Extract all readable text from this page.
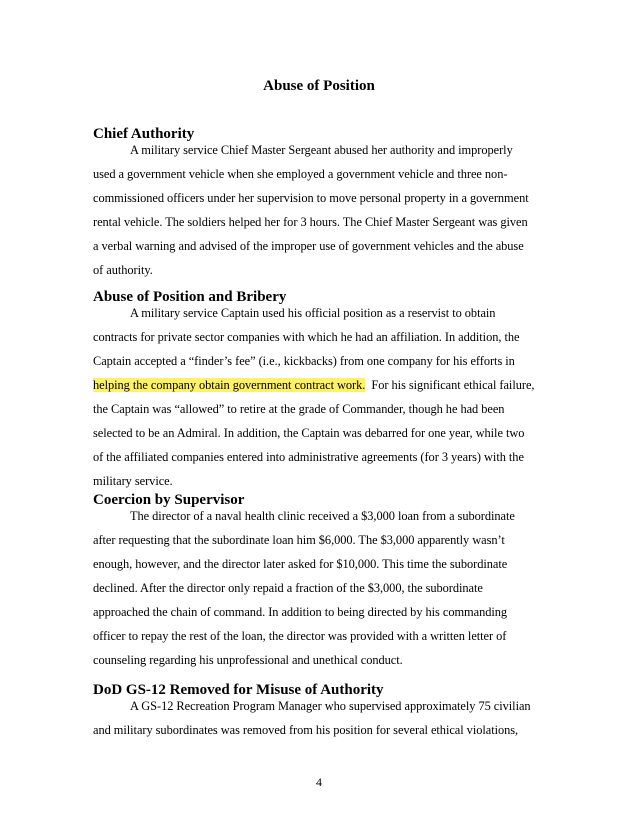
Abuse of Position

Chief Authority

A military service Chief Master Sergeant abused her authority and improperly

used a government vehicle when she employed a government vehicle and three non-

commissioned officers under her supervision to move personal property in a government

rental vehicle. The soldiers helped her for 3 hours. The Chief Master Sergeant was given

a verbal warning and advised of the improper use of government vehicles and the abuse

of authority.

Abuse of Position and Bribery

A military service Captain used his official position as a reservist to obtain

contracts for private sector companies with which he had an affiliation. In addition, the

Captain accepted a “finder’s fee” (i.e., kickbacks) from one company for his efforts in

helping the company obtain government contract work.  For his significant ethical failure,

the Captain was “allowed” to retire at the grade of Commander, though he had been

selected to be an Admiral. In addition, the Captain was debarred for one year, while two

of the affiliated companies entered into administrative agreements (for 3 years) with the

military service.

Coercion by Supervisor

The director of a naval health clinic received a $3,000 loan from a subordinate

after requesting that the subordinate loan him $6,000. The $3,000 apparently wasn’t

enough, however, and the director later asked for $10,000. This time the subordinate

declined. After the director only repaid a fraction of the $3,000, the subordinate

approached the chain of command. In addition to being directed by his commanding

officer to repay the rest of the loan, the director was provided with a written letter of

counseling regarding his unprofessional and unethical conduct.

DoD GS-12 Removed for Misuse of Authority

A GS-12 Recreation Program Manager who supervised approximately 75 civilian

and military subordinates was removed from his position for several ethical violations,

4
